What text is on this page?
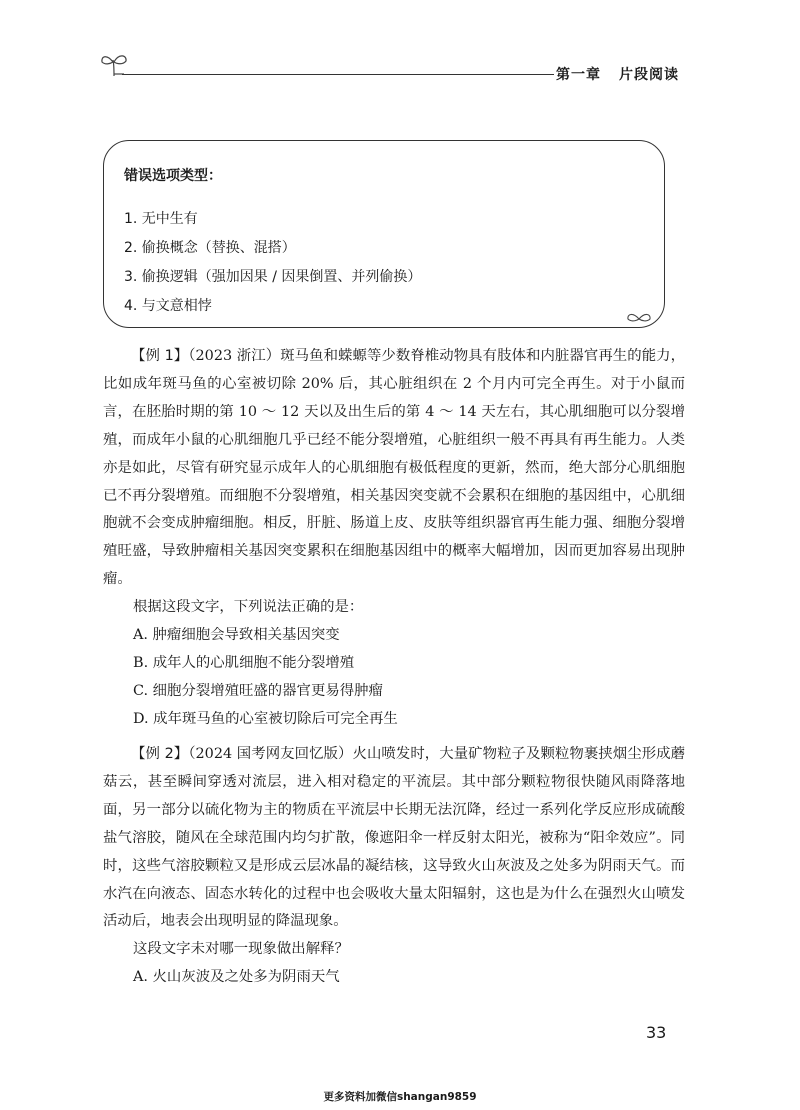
第一章 片段阅读
错误选项类型：
1. 无中生有
2. 偷换概念（替换、混搭）
3. 偷换逻辑（强加因果 / 因果倒置、并列偷换）
4. 与文意相悖

【例 1】（2023 浙江）斑马鱼和蝾螈等少数脊椎动物具有肢体和内脏器官再生的能力，比如成年斑马鱼的心室被切除 20% 后，其心脏组织在 2 个月内可完全再生。对于小鼠而言，在胚胎时期的第 10 ～ 12 天以及出生后的第 4 ～ 14 天左右，其心肌细胞可以分裂增殖，而成年小鼠的心肌细胞几乎已经不能分裂增殖，心脏组织一般不再具有再生能力。人类亦是如此，尽管有研究显示成年人的心肌细胞有极低程度的更新，然而，绝大部分心肌细胞已不再分裂增殖。而细胞不分裂增殖，相关基因突变就不会累积在细胞的基因组中，心肌细胞就不会变成肿瘤细胞。相反，肝脏、肠道上皮、皮肤等组织器官再生能力强、细胞分裂增殖旺盛，导致肿瘤相关基因突变累积在细胞基因组中的概率大幅增加，因而更加容易出现肿瘤。

根据这段文字，下列说法正确的是：

A. 肿瘤细胞会导致相关基因突变

B. 成年人的心肌细胞不能分裂增殖

C. 细胞分裂增殖旺盛的器官更易得肿瘤

D. 成年斑马鱼的心室被切除后可完全再生

【例 2】（2024 国考网友回忆版）火山喷发时，大量矿物粒子及颗粒物裹挟烟尘形成蘑菇云，甚至瞬间穿透对流层，进入相对稳定的平流层。其中部分颗粒物很快随风雨降落地面，另一部分以硫化物为主的物质在平流层中长期无法沉降，经过一系列化学反应形成硫酸盐气溶胶，随风在全球范围内均匀扩散，像遮阳伞一样反射太阳光，被称为“阳伞效应”。同时，这些气溶胶颗粒又是形成云层冰晶的凝结核，这导致火山灰波及之处多为阴雨天气。而水汽在向液态、固态水转化的过程中也会吸收大量太阳辐射，这也是为什么在强烈火山喷发活动后，地表会出现明显的降温现象。

这段文字未对哪一现象做出解释？

A. 火山灰波及之处多为阴雨天气

33
更多资料加微信shangan9859
